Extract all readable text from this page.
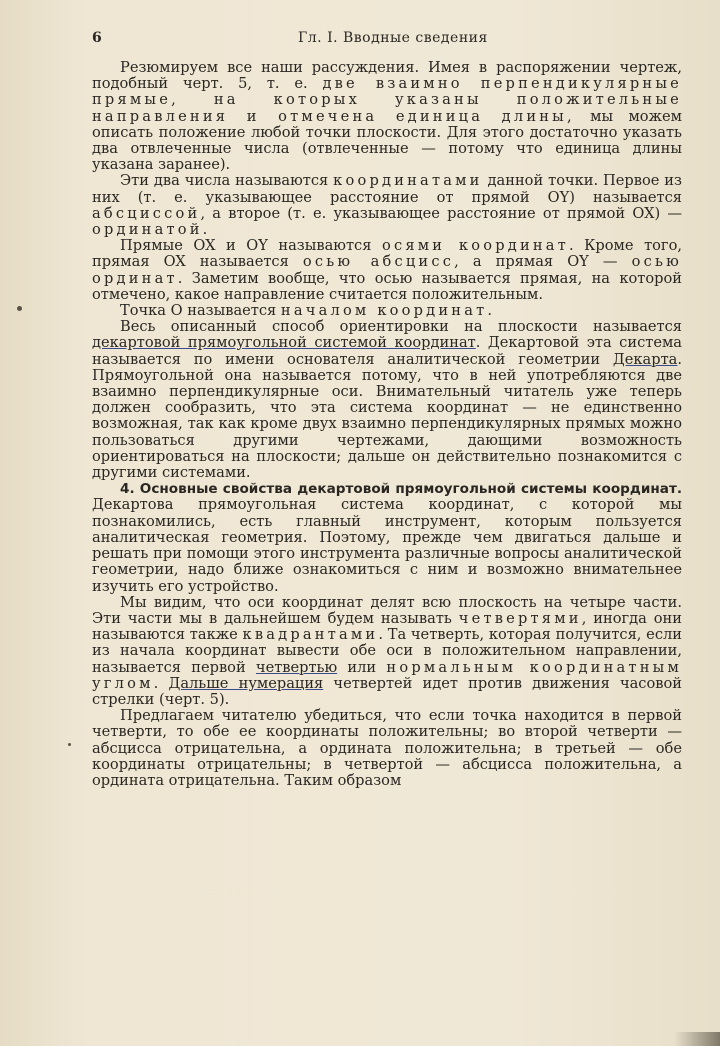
6	Гл. I. Вводные сведения

Резюмируем все наши рассуждения. Имея в распоряжении чертеж, подобный черт. 5, т. е. две взаимно перпендикулярные прямые, на которых указаны положительные направления и отмечена единица длины, мы можем описать положение любой точки плоскости. Для этого достаточно указать два отвлеченные числа (отвлеченные — потому что единица длины указана заранее).

Эти два числа называются координатами данной точки. Первое из них (т. е. указывающее расстояние от прямой OY) называется абсциссой, а второе (т. е. указывающее расстояние от прямой OX) — ординатой.

Прямые OX и OY называются осями координат. Кроме того, прямая OX называется осью абсцисс, а прямая OY — осью ординат. Заметим вообще, что осью называется прямая, на которой отмечено, какое направление считается положительным.

Точка O называется началом координат.

Весь описанный способ ориентировки на плоскости называется декартовой прямоугольной системой координат. Декартовой эта система называется по имени основателя аналитической геометрии Декарта. Прямоугольной она называется потому, что в ней употребляются две взаимно перпендикулярные оси. Внимательный читатель уже теперь должен сообразить, что эта система координат — не единственно возможная, так как кроме двух взаимно перпендикулярных прямых можно пользоваться другими чертежами, дающими возможность ориентироваться на плоскости; дальше он действительно познакомится с другими системами.

4. Основные свойства декартовой прямоугольной системы координат. Декартова прямоугольная система координат, с которой мы познакомились, есть главный инструмент, которым пользуется аналитическая геометрия. Поэтому, прежде чем двигаться дальше и решать при помощи этого инструмента различные вопросы аналитической геометрии, надо ближе ознакомиться с ним и возможно внимательнее изучить его устройство.

Мы видим, что оси координат делят всю плоскость на четыре части. Эти части мы в дальнейшем будем называть четвертями, иногда они называются также квадрантами. Та четверть, которая получится, если из начала координат вывести обе оси в положительном направлении, называется первой четвертью или нормальным координатным углом. Дальше нумерация четвертей идет против движения часовой стрелки (черт. 5).

Предлагаем читателю убедиться, что если точка находится в первой четверти, то обе ее координаты положительны; во второй четверти — абсцисса отрицательна, а ордината положительна; в третьей — обе координаты отрицательны; в четвертой — абсцисса положительна, а ордината отрицательна. Таким образом
